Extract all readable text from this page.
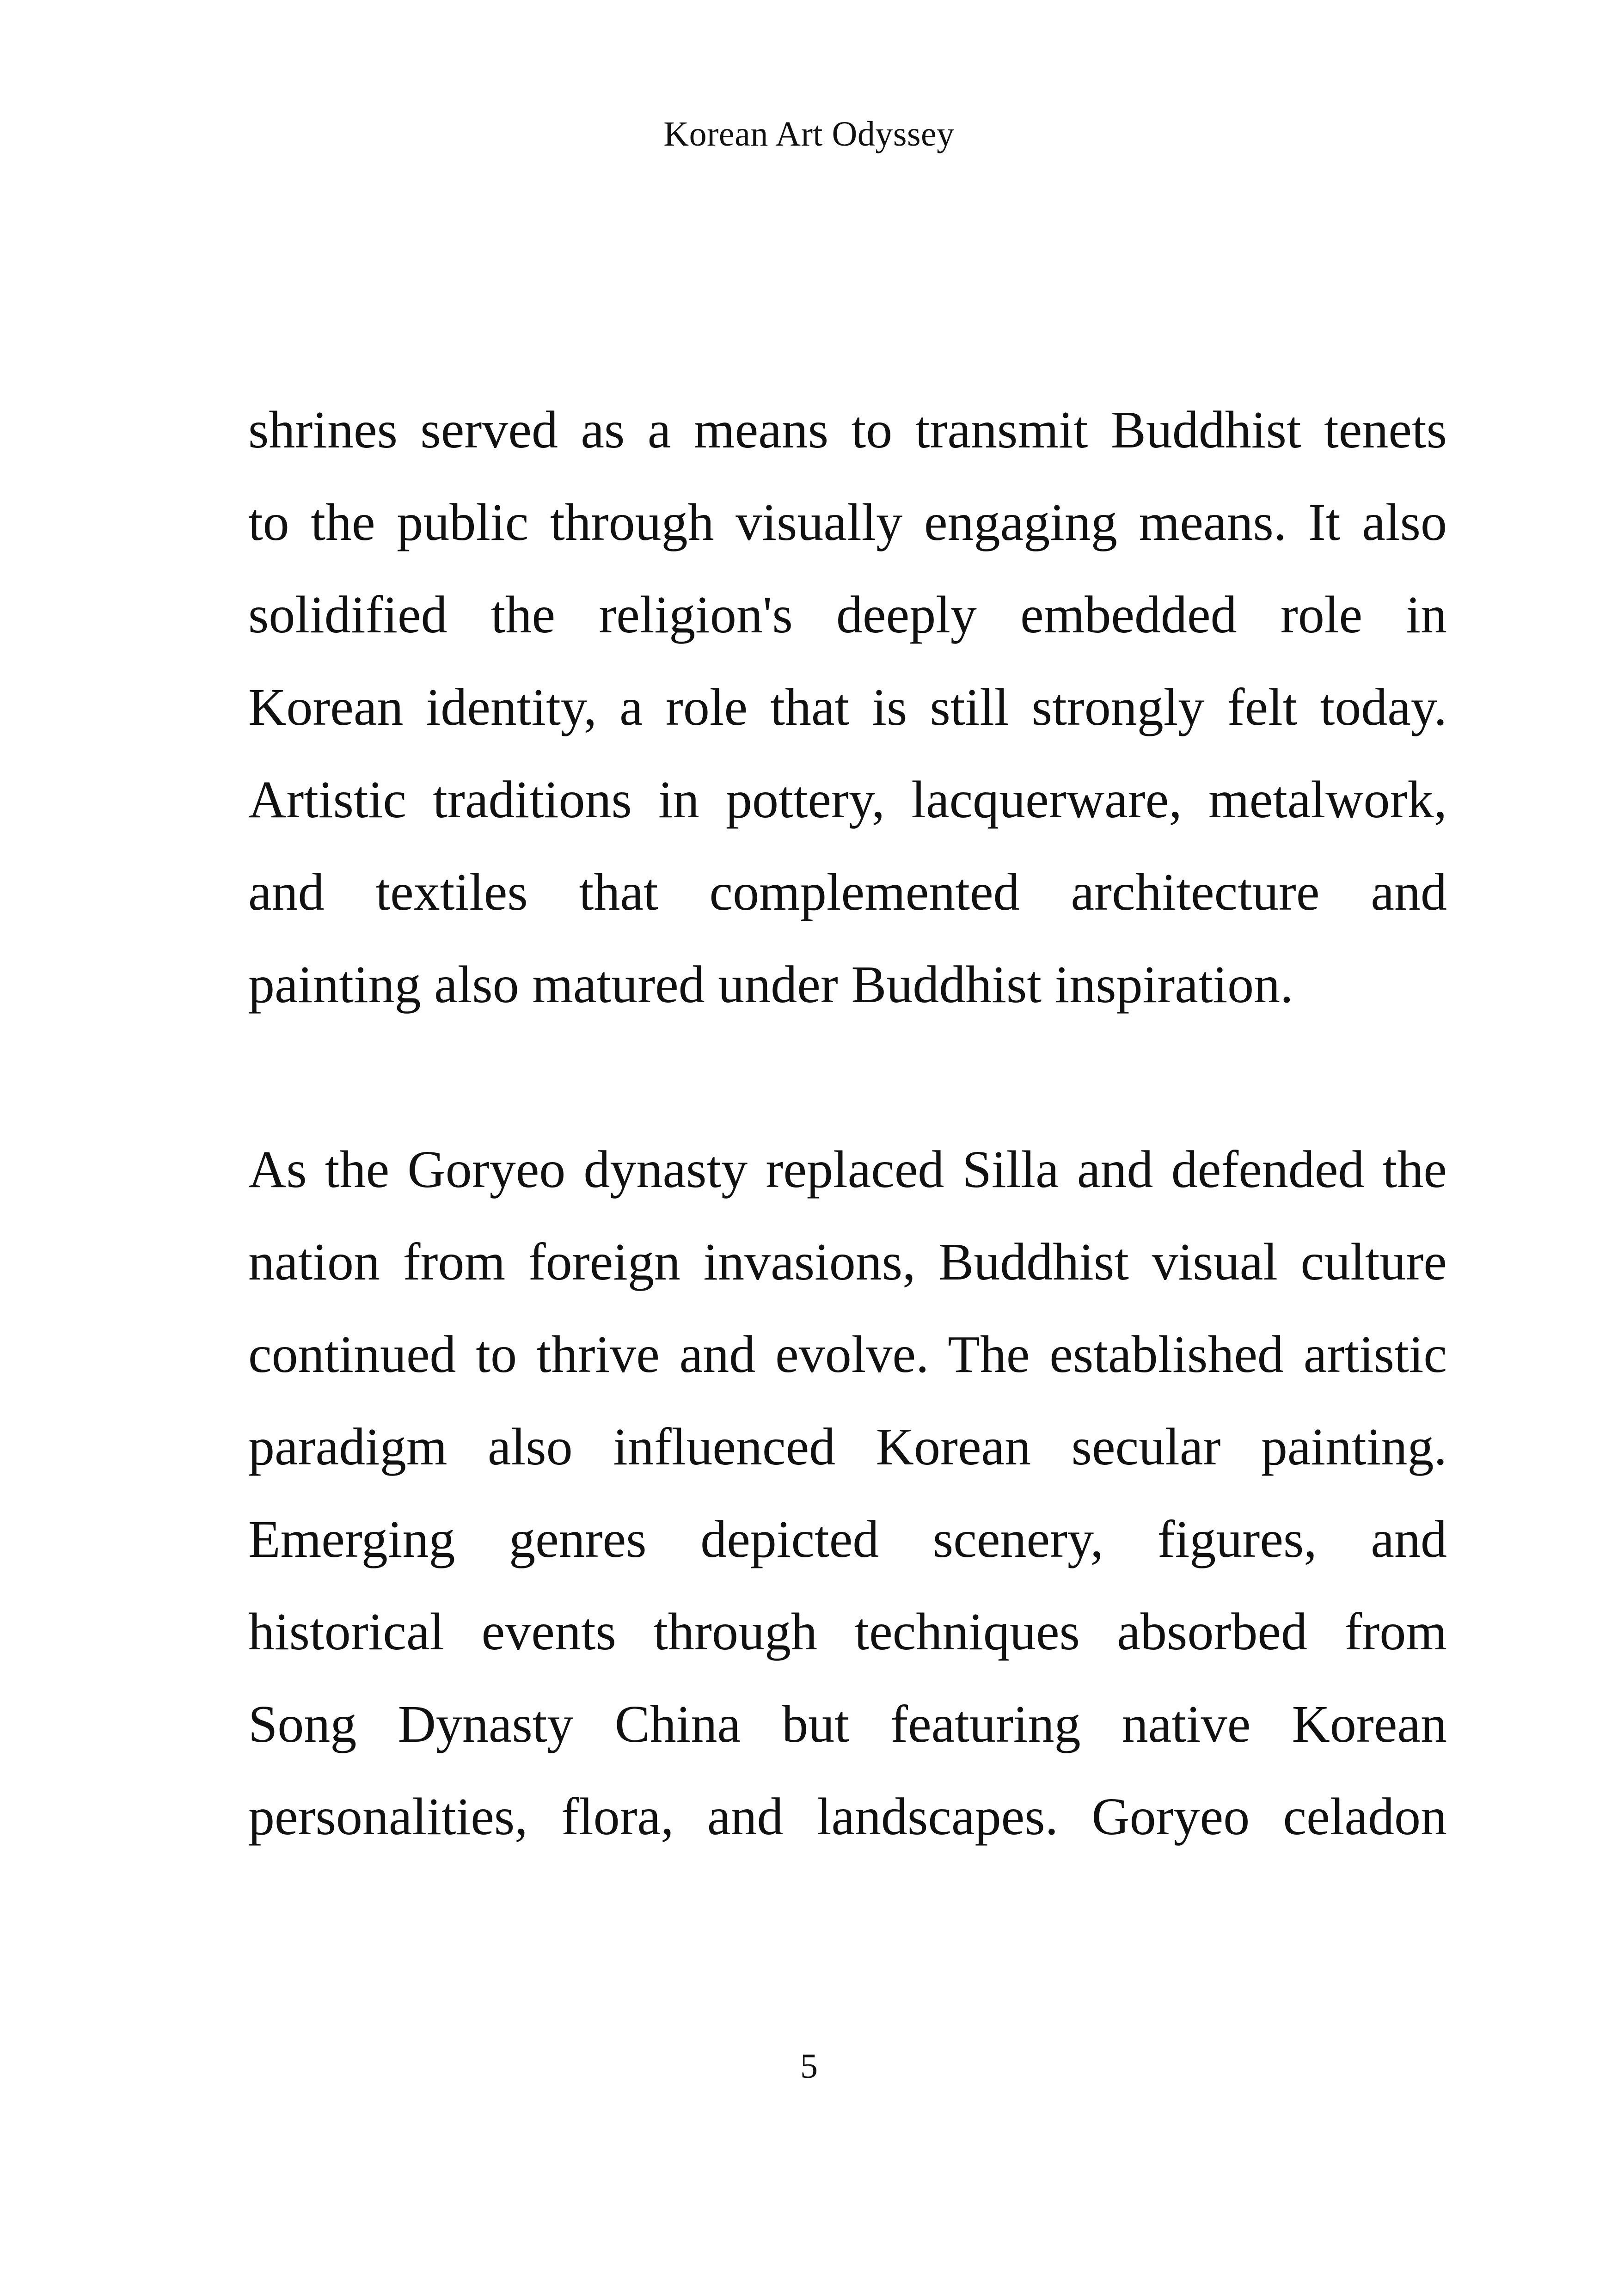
Korean Art Odyssey

shrines served as a means to transmit Buddhist tenets

to the public through visually engaging means. It also

solidified the religion's deeply embedded role in

Korean identity, a role that is still strongly felt today.

Artistic traditions in pottery, lacquerware, metalwork,

and textiles that complemented architecture and

painting also matured under Buddhist inspiration.

As the Goryeo dynasty replaced Silla and defended the

nation from foreign invasions, Buddhist visual culture

continued to thrive and evolve. The established artistic

paradigm also influenced Korean secular painting.

Emerging genres depicted scenery, figures, and

historical events through techniques absorbed from

Song Dynasty China but featuring native Korean

personalities, flora, and landscapes. Goryeo celadon

5
